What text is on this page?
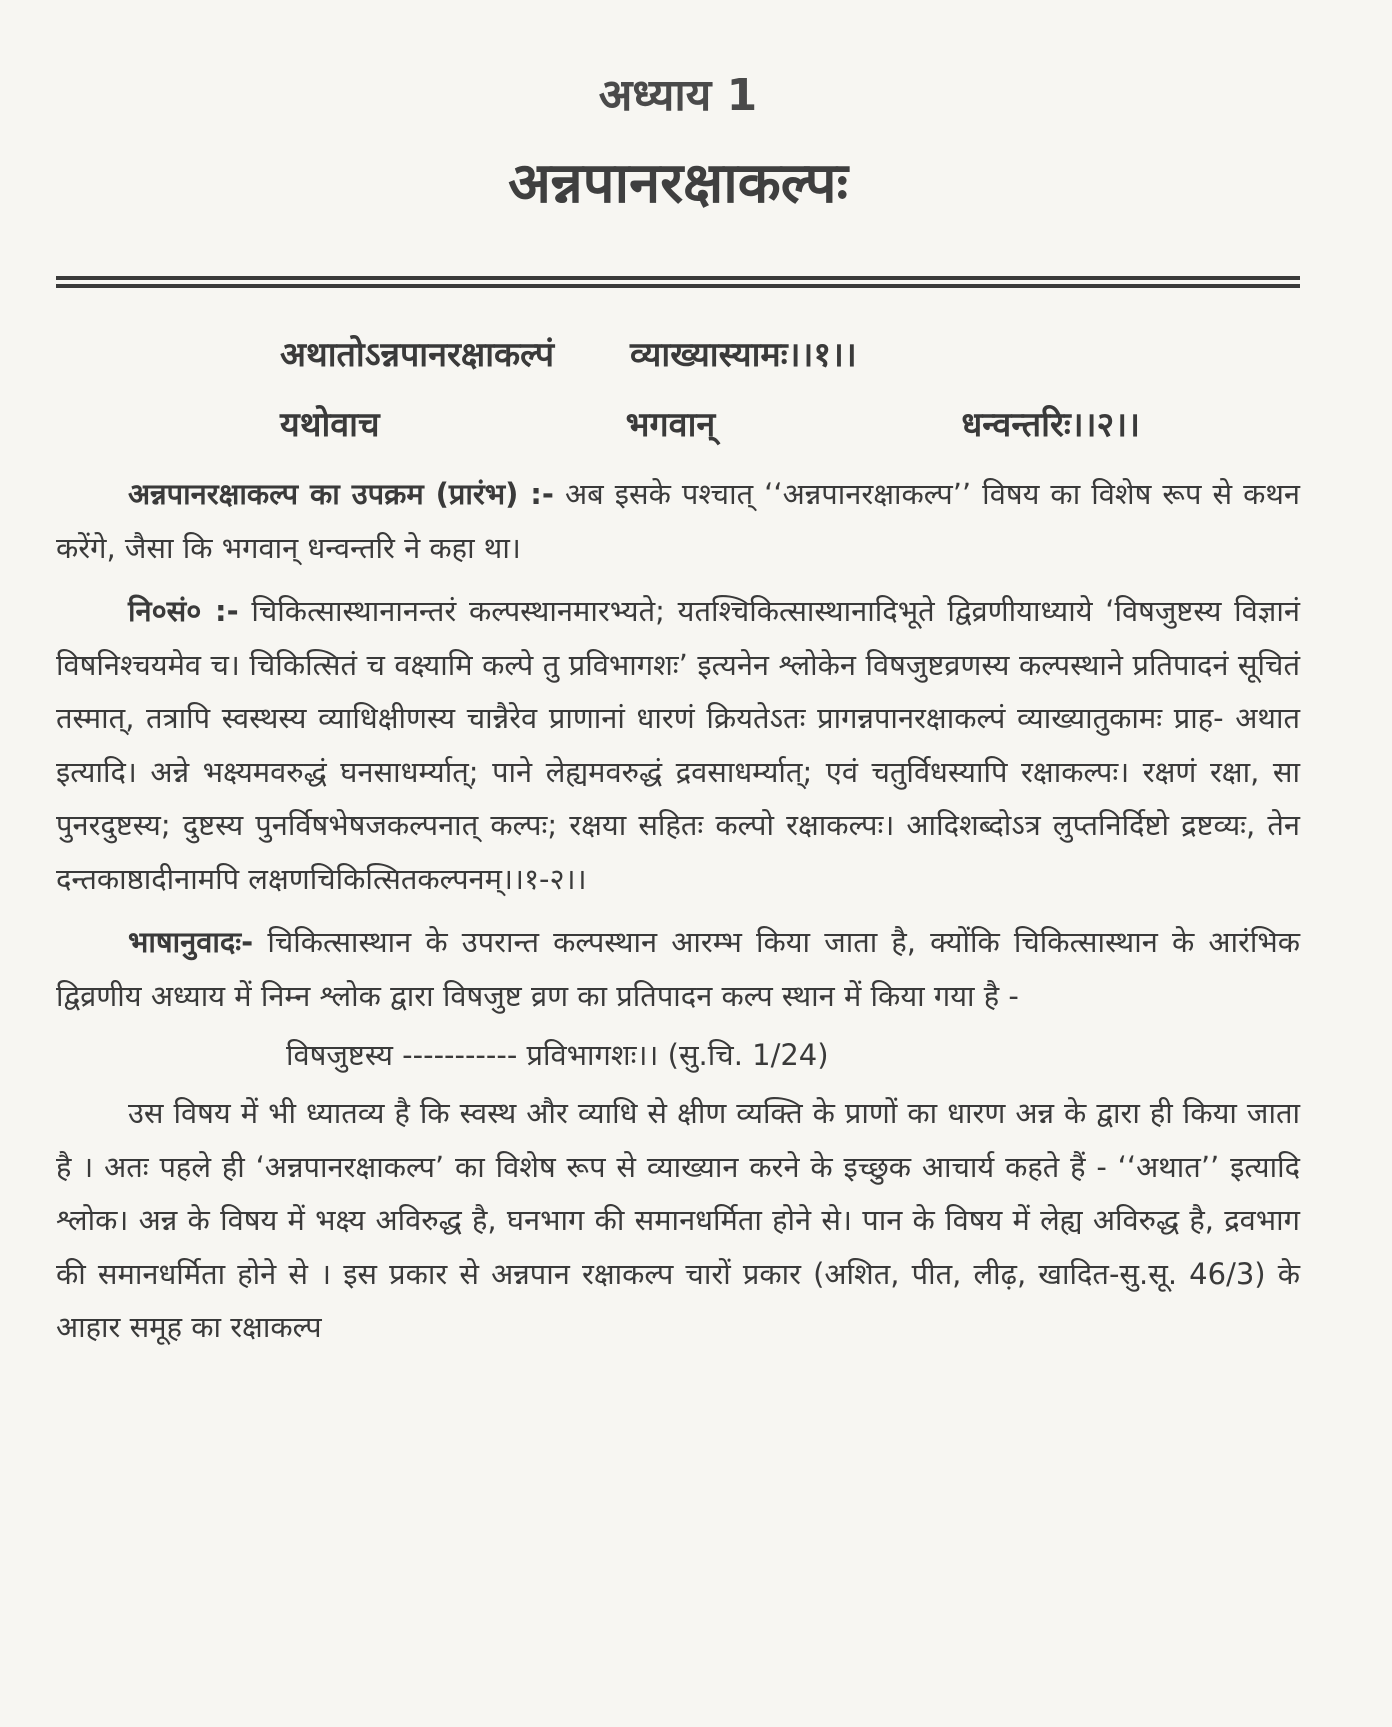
अध्याय 1
अन्नपानरक्षाकल्पः
अथातोऽन्नपानरक्षाकल्पं व्याख्यास्यामः।।१।।
यथोवाच	भगवान्	धन्वन्तरिः।।२।।

अन्नपानरक्षाकल्प का उपक्रम (प्रारंभ) :- अब इसके पश्चात् ‘‘अन्नपानरक्षाकल्प’’ विषय का विशेष रूप से कथन करेंगे, जैसा कि भगवान् धन्वन्तरि ने कहा था।

नि०सं० :- चिकित्सास्थानानन्तरं कल्पस्थानमारभ्यते; यतश्चिकित्सास्थानादिभूते द्विव्रणीयाध्याये ‘विषजुष्टस्य विज्ञानं विषनिश्चयमेव च। चिकित्सितं च वक्ष्यामि कल्पे तु प्रविभागशः’ इत्यनेन श्लोकेन विषजुष्टव्रणस्य कल्पस्थाने प्रतिपादनं सूचितं तस्मात्, तत्रापि स्वस्थस्य व्याधिक्षीणस्य चान्नैरेव प्राणानां धारणं क्रियतेऽतः प्रागन्नपानरक्षाकल्पं व्याख्यातुकामः प्राह- अथात इत्यादि। अन्ने भक्ष्यमवरुद्धं घनसाधर्म्यात्; पाने लेह्यमवरुद्धं द्रवसाधर्म्यात्; एवं चतुर्विधस्यापि रक्षाकल्पः। रक्षणं रक्षा, सा पुनरदुष्टस्य; दुष्टस्य पुनर्विषभेषजकल्पनात् कल्पः; रक्षया सहितः कल्पो रक्षाकल्पः। आदिशब्दोऽत्र लुप्तनिर्दिष्टो द्रष्टव्यः, तेन दन्तकाष्ठादीनामपि लक्षणचिकित्सितकल्पनम्।।१-२।।

भाषानुवादः- चिकित्सास्थान के उपरान्त कल्पस्थान आरम्भ किया जाता है, क्योंकि चिकित्सास्थान के आरंभिक द्विव्रणीय अध्याय में निम्न श्लोक द्वारा विषजुष्ट व्रण का प्रतिपादन कल्प स्थान में किया गया है -

विषजुष्टस्य ----------- प्रविभागशः।। (सु.चि. 1/24)

उस विषय में भी ध्यातव्य है कि स्वस्थ और व्याधि से क्षीण व्यक्ति के प्राणों का धारण अन्न के द्वारा ही किया जाता है । अतः पहले ही ‘अन्नपानरक्षाकल्प’ का विशेष रूप से व्याख्यान करने के इच्छुक आचार्य कहते हैं - ‘‘अथात’’ इत्यादि श्लोक। अन्न के विषय में भक्ष्य अविरुद्ध है, घनभाग की समानधर्मिता होने से। पान के विषय में लेह्य अविरुद्ध है, द्रवभाग की समानधर्मिता होने से । इस प्रकार से अन्नपान रक्षाकल्प चारों प्रकार (अशित, पीत, लीढ़, खादित-सु.सू. 46/3) के आहार समूह का रक्षाकल्प
